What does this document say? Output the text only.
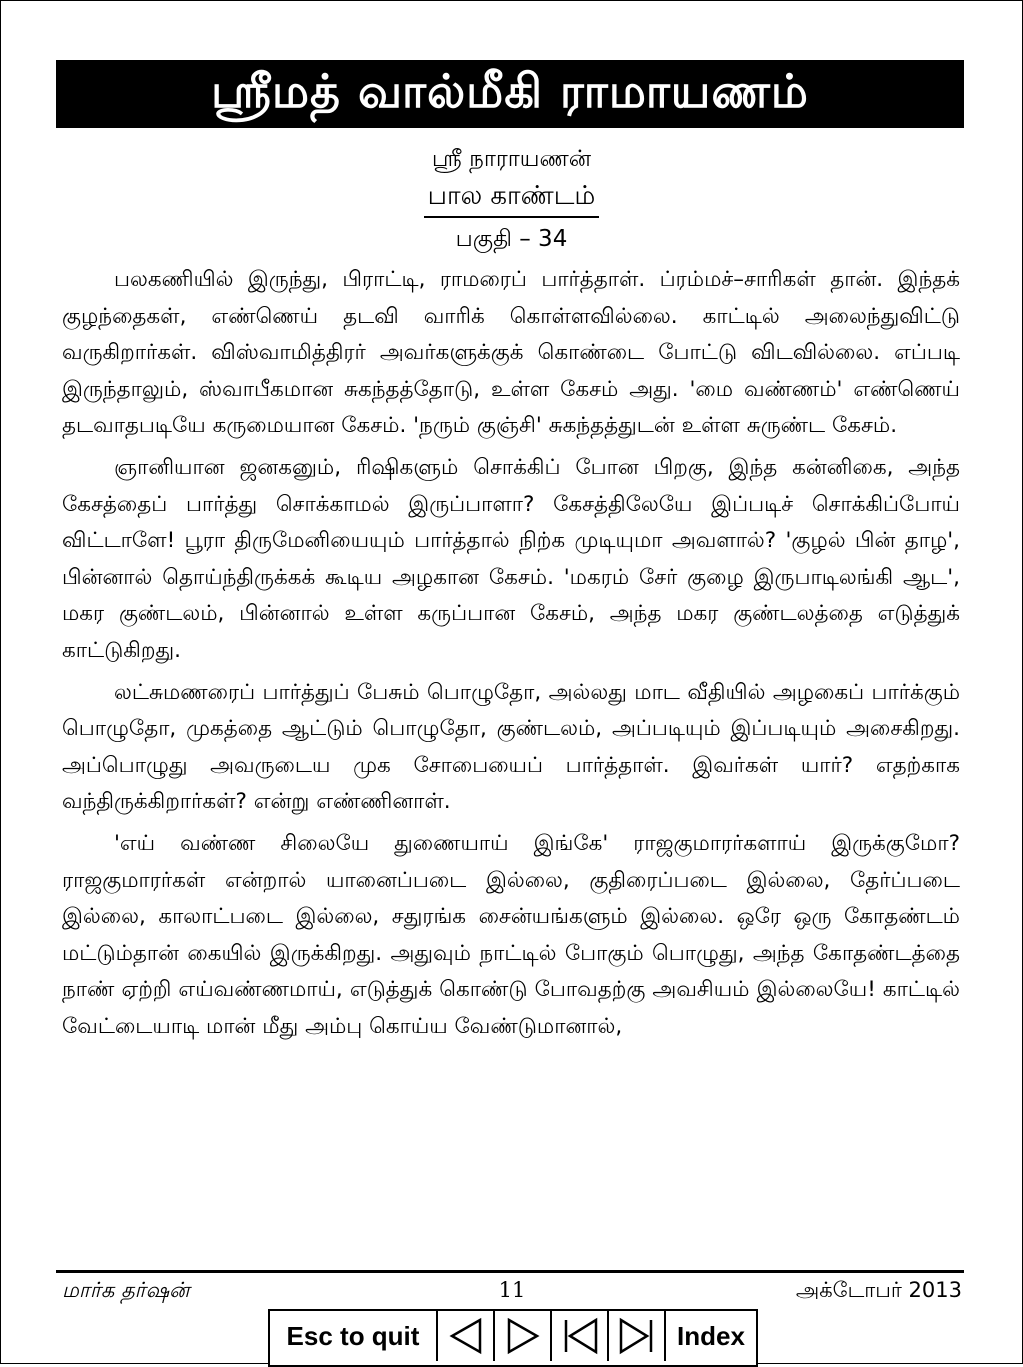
ஸ்ரீமத் வால்மீகி ராமாயணம்
ஸ்ரீ நாராயணன்
பால காண்டம்
பகுதி – 34

பலகணியில் இருந்து, பிராட்டி, ராமரைப் பார்த்தாள். ப்ரம்மச்–சாரிகள் தான். இந்தக் குழந்தைகள், எண்ணெய் தடவி வாரிக் கொள்ளவில்லை. காட்டில் அலைந்துவிட்டு வருகிறார்கள். விஸ்வாமித்திரர் அவர்களுக்குக் கொண்டை போட்டு விடவில்லை. எப்படி இருந்தாலும், ஸ்வாபீகமான சுகந்தத்தோடு, உள்ள கேசம் அது. 'மை வண்ணம்' எண்ணெய் தடவாதபடியே கருமையான கேசம். 'நரும் குஞ்சி' சுகந்தத்துடன் உள்ள சுருண்ட கேசம்.

ஞானியான ஜனகனும், ரிஷிகளும் சொக்கிப் போன பிறகு, இந்த கன்னிகை, அந்த கேசத்தைப் பார்த்து சொக்காமல் இருப்பாளா? கேசத்திலேயே இப்படிச் சொக்கிப்போய் விட்டாளே! பூரா திருமேனியையும் பார்த்தால் நிற்க முடியுமா அவளால்? 'குழல் பின் தாழ', பின்னால் தொய்ந்திருக்கக் கூடிய அழகான கேசம். 'மகரம் சேர் குழை இருபாடிலங்கி ஆட', மகர குண்டலம், பின்னால் உள்ள கருப்பான கேசம், அந்த மகர குண்டலத்தை எடுத்துக் காட்டுகிறது.

லட்சுமணரைப் பார்த்துப் பேசும் பொழுதோ, அல்லது மாட வீதியில் அழகைப் பார்க்கும் பொழுதோ, முகத்தை ஆட்டும் பொழுதோ, குண்டலம், அப்படியும் இப்படியும் அசைகிறது. அப்பொழுது அவருடைய முக சோபையைப் பார்த்தாள். இவர்கள் யார்? எதற்காக வந்திருக்கிறார்கள்? என்று எண்ணினாள்.

'எய் வண்ண சிலையே துணையாய் இங்கே' ராஜகுமாரர்களாய் இருக்குமோ? ராஜகுமாரர்கள் என்றால் யானைப்படை இல்லை, குதிரைப்படை இல்லை, தேர்ப்படை இல்லை, காலாட்படை இல்லை, சதுரங்க சைன்யங்களும் இல்லை. ஒரே ஒரு கோதண்டம் மட்டும்தான் கையில் இருக்கிறது. அதுவும் நாட்டில் போகும் பொழுது, அந்த கோதண்டத்தை நாண் ஏற்றி எய்வண்ணமாய், எடுத்துக் கொண்டு போவதற்கு அவசியம் இல்லையே! காட்டில் வேட்டையாடி மான் மீது அம்பு கொய்ய வேண்டுமானால்,

மார்க தர்ஷன்	11	அக்டோபர் 2013
Esc to quit	Index
